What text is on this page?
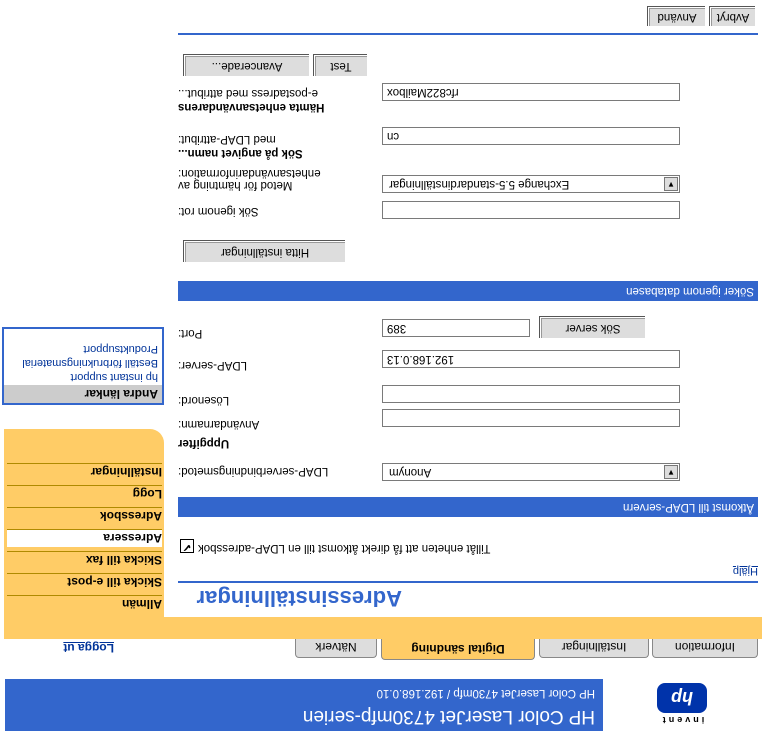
invent
hp
HP Color LaserJet 4730mfp-serien
HP Color LaserJet 4730mfp / 192.168.0.10
Information
Inställningar
Digital sändning
Nätverk
Logga ut
Allmän
Skicka till e-post
Skicka till fax
Adressera
Adressbok
Logg
Inställningar
Andra länkar
hp instant support
Beställ förbrukningsmaterial
Produktsupport
Adressinställningar
Hjälp
✔ Tillåt enheten att få direkt åtkomst till en LDAP-adressbok
Åtkomst till LDAP-servern
LDAP-serverbindningsmetod:	Anonym	▼
Uppgifter
Användarnamn:
Lösenord:
LDAP-server:	192.168.0.13
Port:	389	Sök server
Söker igenom databasen
Hitta inställningar
Sök igenom rot:
Metod för hämtning av
enhetsanvändarinformation:
Exchange 5.5-standardinställningar	▼
Sök på angivet namn...
med LDAP-attribut:	cn
Hämta enhetsanvändarens
e-postadress med attribut...	rfc822Mailbox
Test
Avancerade...
Avbryt
Använd
